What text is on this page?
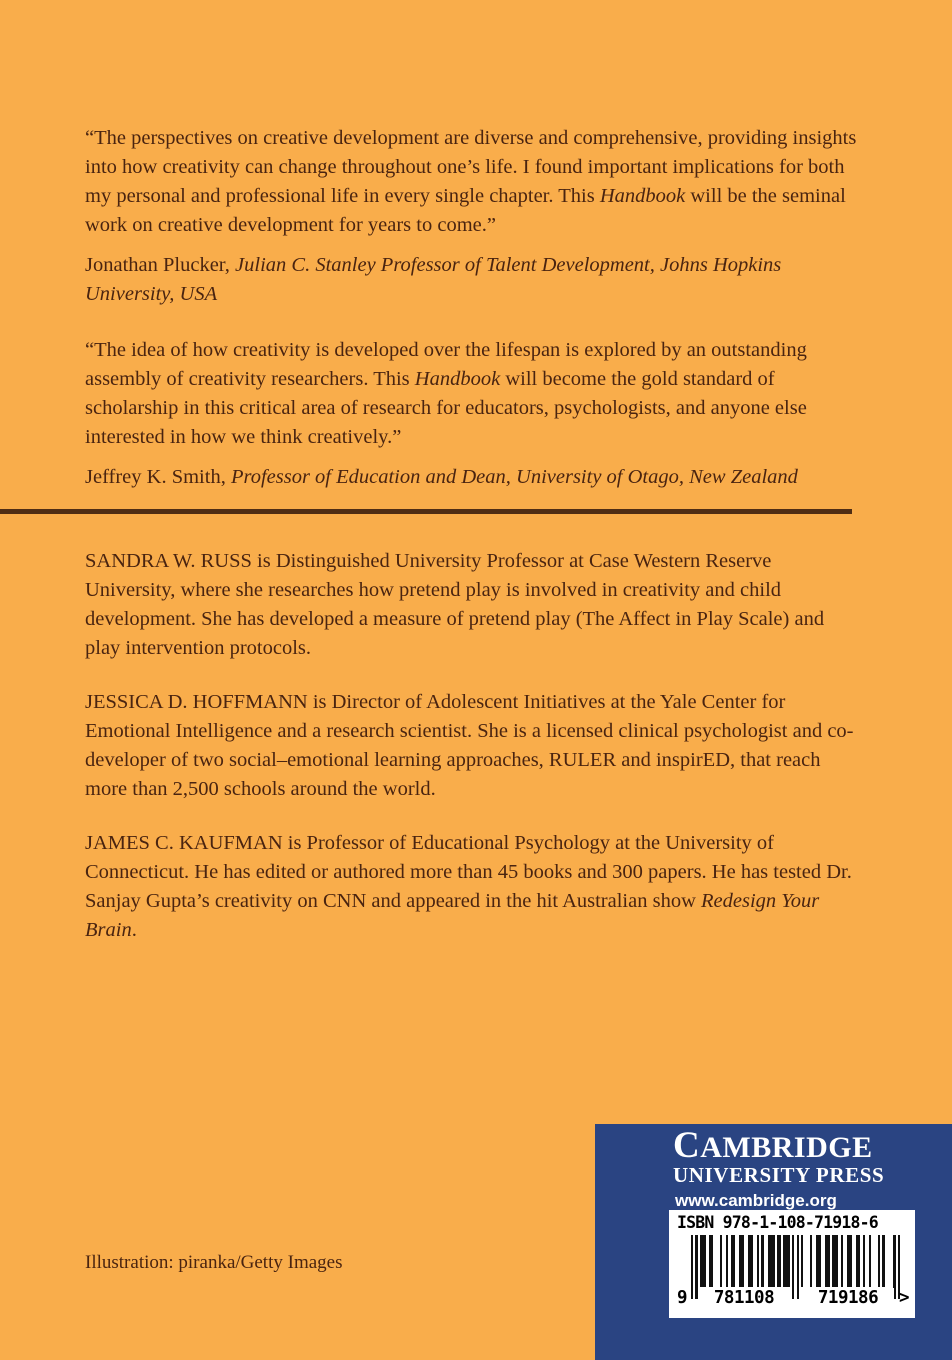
“The perspectives on creative development are diverse and comprehensive, providing insights into how creativity can change throughout one’s life. I found important implications for both my personal and professional life in every single chapter. This Handbook will be the seminal work on creative development for years to come.”

Jonathan Plucker, Julian C. Stanley Professor of Talent Development, Johns Hopkins University, USA

“The idea of how creativity is developed over the lifespan is explored by an outstanding assembly of creativity researchers. This Handbook will become the gold standard of scholarship in this critical area of research for educators, psychologists, and anyone else interested in how we think creatively.”

Jeffrey K. Smith, Professor of Education and Dean, University of Otago, New Zealand

SANDRA W. RUSS is Distinguished University Professor at Case Western Reserve University, where she researches how pretend play is involved in creativity and child development. She has developed a measure of pretend play (The Affect in Play Scale) and play intervention protocols.

JESSICA D. HOFFMANN is Director of Adolescent Initiatives at the Yale Center for Emotional Intelligence and a research scientist. She is a licensed clinical psychologist and co-developer of two social–emotional learning approaches, RULER and inspirED, that reach more than 2,500 schools around the world.

JAMES C. KAUFMAN is Professor of Educational Psychology at the University of Connecticut. He has edited or authored more than 45 books and 300 papers. He has tested Dr. Sanjay Gupta’s creativity on CNN and appeared in the hit Australian show Redesign Your Brain.

Illustration: piranka/Getty Images
CAMBRIDGE
UNIVERSITY PRESS
www.cambridge.org
ISBN 978-1-108-71918-6
9	781108	719186	>
